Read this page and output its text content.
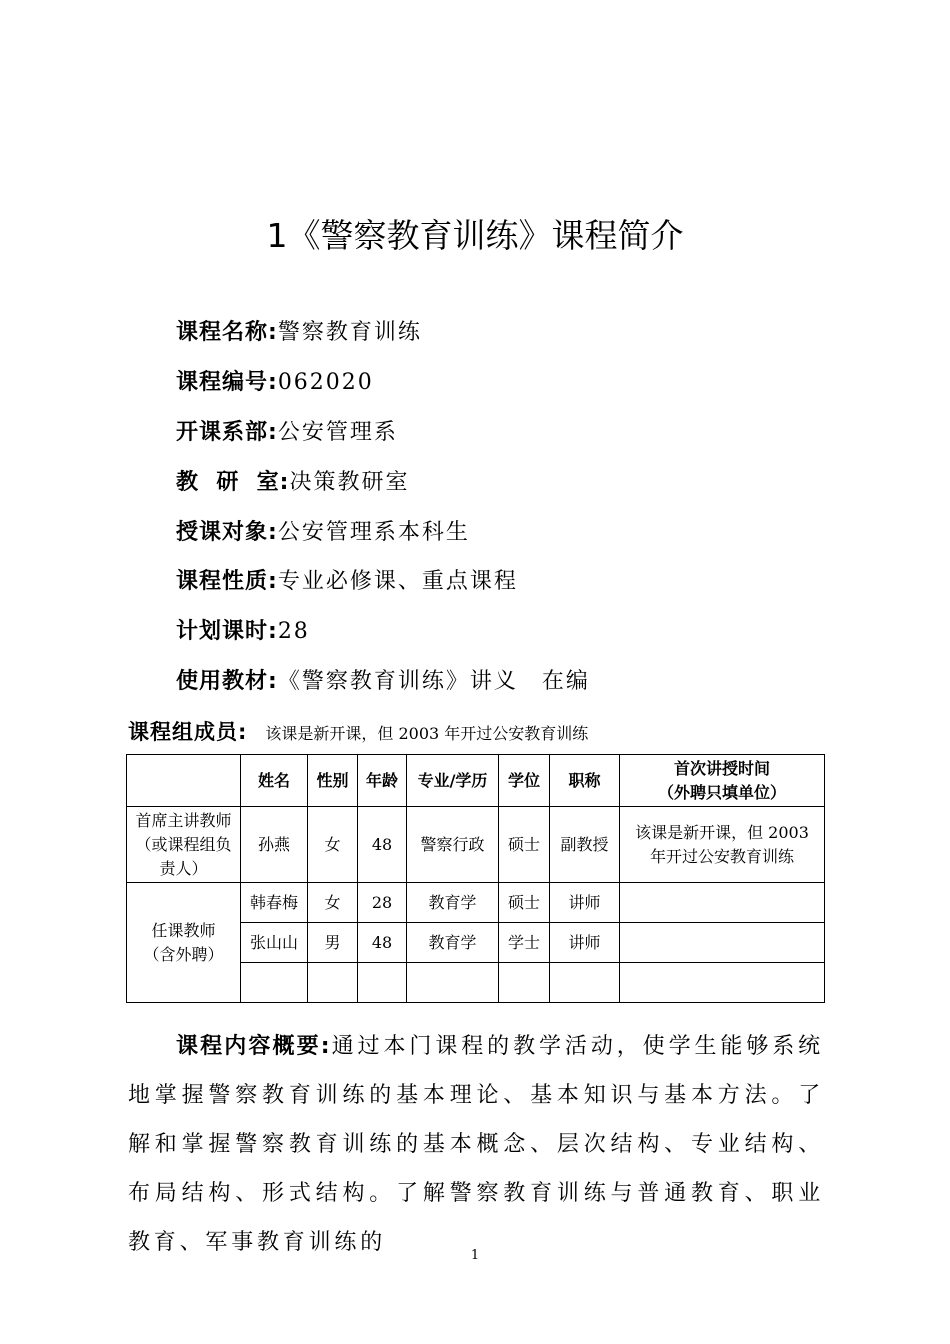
1《警察教育训练》课程简介
课程名称:警察教育训练
课程编号:062020
开课系部:公安管理系
教  研  室:决策教研室
授课对象:公安管理系本科生
课程性质:专业必修课、重点课程
计划课时:28
使用教材:《警察教育训练》讲义　在编
课程组成员: 该课是新开课，但 2003 年开过公安教育训练
	姓名	性别	年龄	专业/学历	学位	职称	首次讲授时间
（外聘只填单位）
首席主讲教师（或课程组负责人）	孙燕	女	48	警察行政	硕士	副教授	该课是新开课，但 2003 年开过公安教育训练
任课教师（含外聘）	韩春梅	女	28	教育学	硕士	讲师	
	张山山	男	48	教育学	学士	讲师	

课程内容概要:通过本门课程的教学活动，使学生能够系统地掌握警察教育训练的基本理论、基本知识与基本方法。了解和掌握警察教育训练的基本概念、层次结构、专业结构、布局结构、形式结构。了解警察教育训练与普通教育、职业教育、军事教育训练的
1
